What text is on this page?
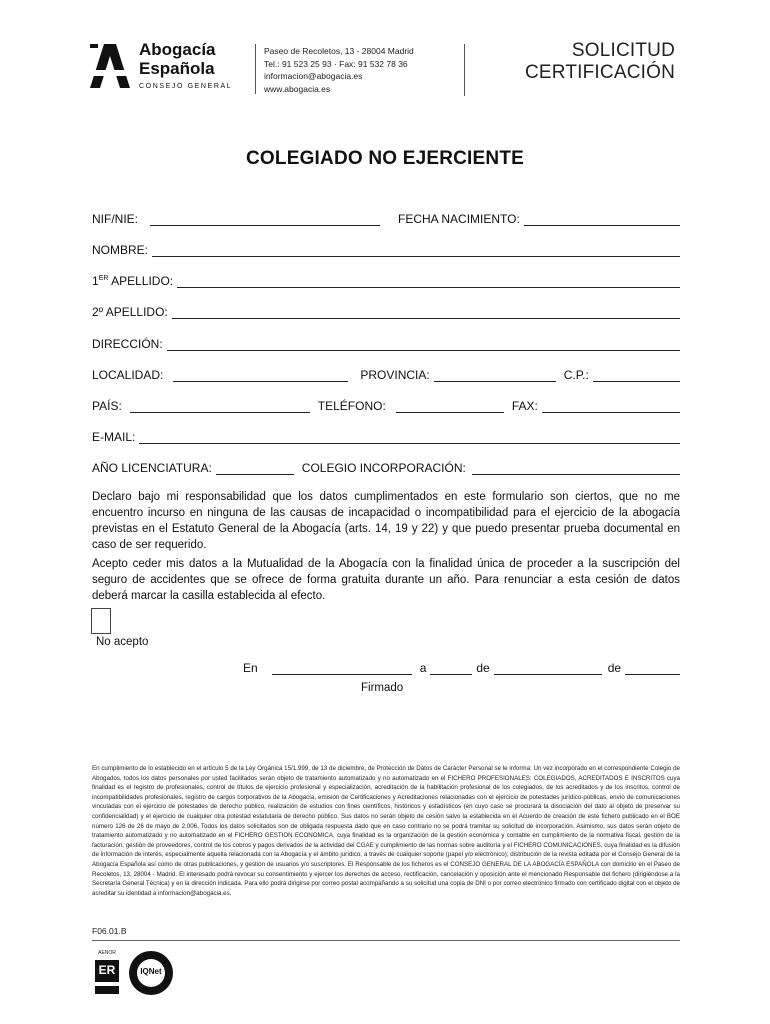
Abogacía
Española
CONSEJO GENERAL
Paseo de Recoletos, 13 - 28004 Madrid
Tel.: 91 523 25 93 · Fax: 91 532 78 36
informacion@abogacia.es
www.abogacia.es
SOLICITUD
CERTIFICACIÓN
COLEGIADO NO EJERCIENTE
NIF/NIE:	FECHA NACIMIENTO:
NOMBRE:
1ER APELLIDO:
2º APELLIDO:
DIRECCIÓN:
LOCALIDAD:	PROVINCIA:	C.P.:
PAÍS:	TELÉFONO:	FAX:
E-MAIL:
AÑO LICENCIATURA:	COLEGIO INCORPORACIÓN:
Declaro bajo mi responsabilidad que los datos cumplimentados en este formulario son ciertos, que no me encuentro incurso en ninguna de las causas de incapacidad o incompatibilidad para el ejercicio de la abogacía previstas en el Estatuto General de la Abogacía (arts. 14, 19 y 22) y que puedo presentar prueba documental en caso de ser requerido.
Acepto ceder mis datos a la Mutualidad de la Abogacía con la finalidad única de proceder a la suscripción del seguro de accidentes que se ofrece de forma gratuita durante un año. Para renunciar a esta cesión de datos deberá marcar la casilla establecida al efecto.
No acepto
En	a	de	de
Firmado
En cumplimiento de lo establecido en el artículo 5 de la Ley Orgánica 15/1.999, de 13 de diciembre, de Protección de Datos de Carácter Personal se le informa: Un vez incorporado en el correspondiente Colegio de Abogados, todos los datos personales por usted facilitados serán objeto de tratamiento automatizado y no automatizado en el FICHERO PROFESIONALES: COLEGIADOS, ACREDITADOS E INSCRITOS cuya finalidad es el registro de profesionales, control de títulos de ejercicio profesional y especialización, acreditación de la habilitación profesional de los colegiados, de los acreditados y de los inscritos, control de incompatibilidades profesionales, registro de cargos corporativos de la Abogacía, emisión de Certificaciones y Acreditaciones relacionadas con el ejercicio de potestades jurídico-públicas, envío de comunicaciones vinculadas con el ejercicio de potestades de derecho público, realización de estudios con fines científicos, históricos y estadísticos (en cuyo caso se procurará la disociación del dato al objeto de preservar su confidencialidad) y el ejercicio de cualquier otra potestad estatutaria de derecho público. Sus datos no serán objeto de cesión salvo la establecida en el Acuerdo de creación de este fichero publicado en el BOE número 126 de 26 de mayo de 2.006. Todos los datos solicitados son de obligada respuesta dado que en caso contrario no se podrá tramitar su solicitud de incorporación. Asimismo, sus datos serán objeto de tratamiento automatizado y no automatizado en el FICHERO GESTION ECONOMICA, cuya finalidad es la organización de la gestión económica y contable en cumplimiento de la normativa fiscal, gestión de la facturación, gestión de proveedores, control de los cobros y pagos derivados de la actividad del CGAE y cumplimiento de las normas sobre auditoría y el FICHERO COMUNICACIONES, cuya finalidad es la difusión de información de interés, especialmente aquella relacionada con la Abogacía y el ámbito jurídico, a través de cualquier soporte (papel y/o electrónico); distribución de la revista editada por el Consejo General de la Abogacía Española así como de otras publicaciones, y gestión de usuarios y/o suscriptores. El Responsable de los ficheros es el CONSEJO GENERAL DE LA ABOGACÍA ESPAÑOLA con domicilio en el Paseo de Recoletos, 13, 28004 - Madrid. El interesado podrá revocar su consentimiento y ejercer los derechos de acceso, rectificación, cancelación y oposición ante el mencionado Responsable del fichero (dirigiéndose a la Secretaría General Técnica) y en la dirección indicada. Para ello podrá dirigirse por correo postal acompañando a su solicitud una copia de DNI o por correo electrónico firmado con certificado digital con el objeto de acreditar su identidad a informacion@abogacia.es.
F06.01.B
AENOR
ER	IQNet
